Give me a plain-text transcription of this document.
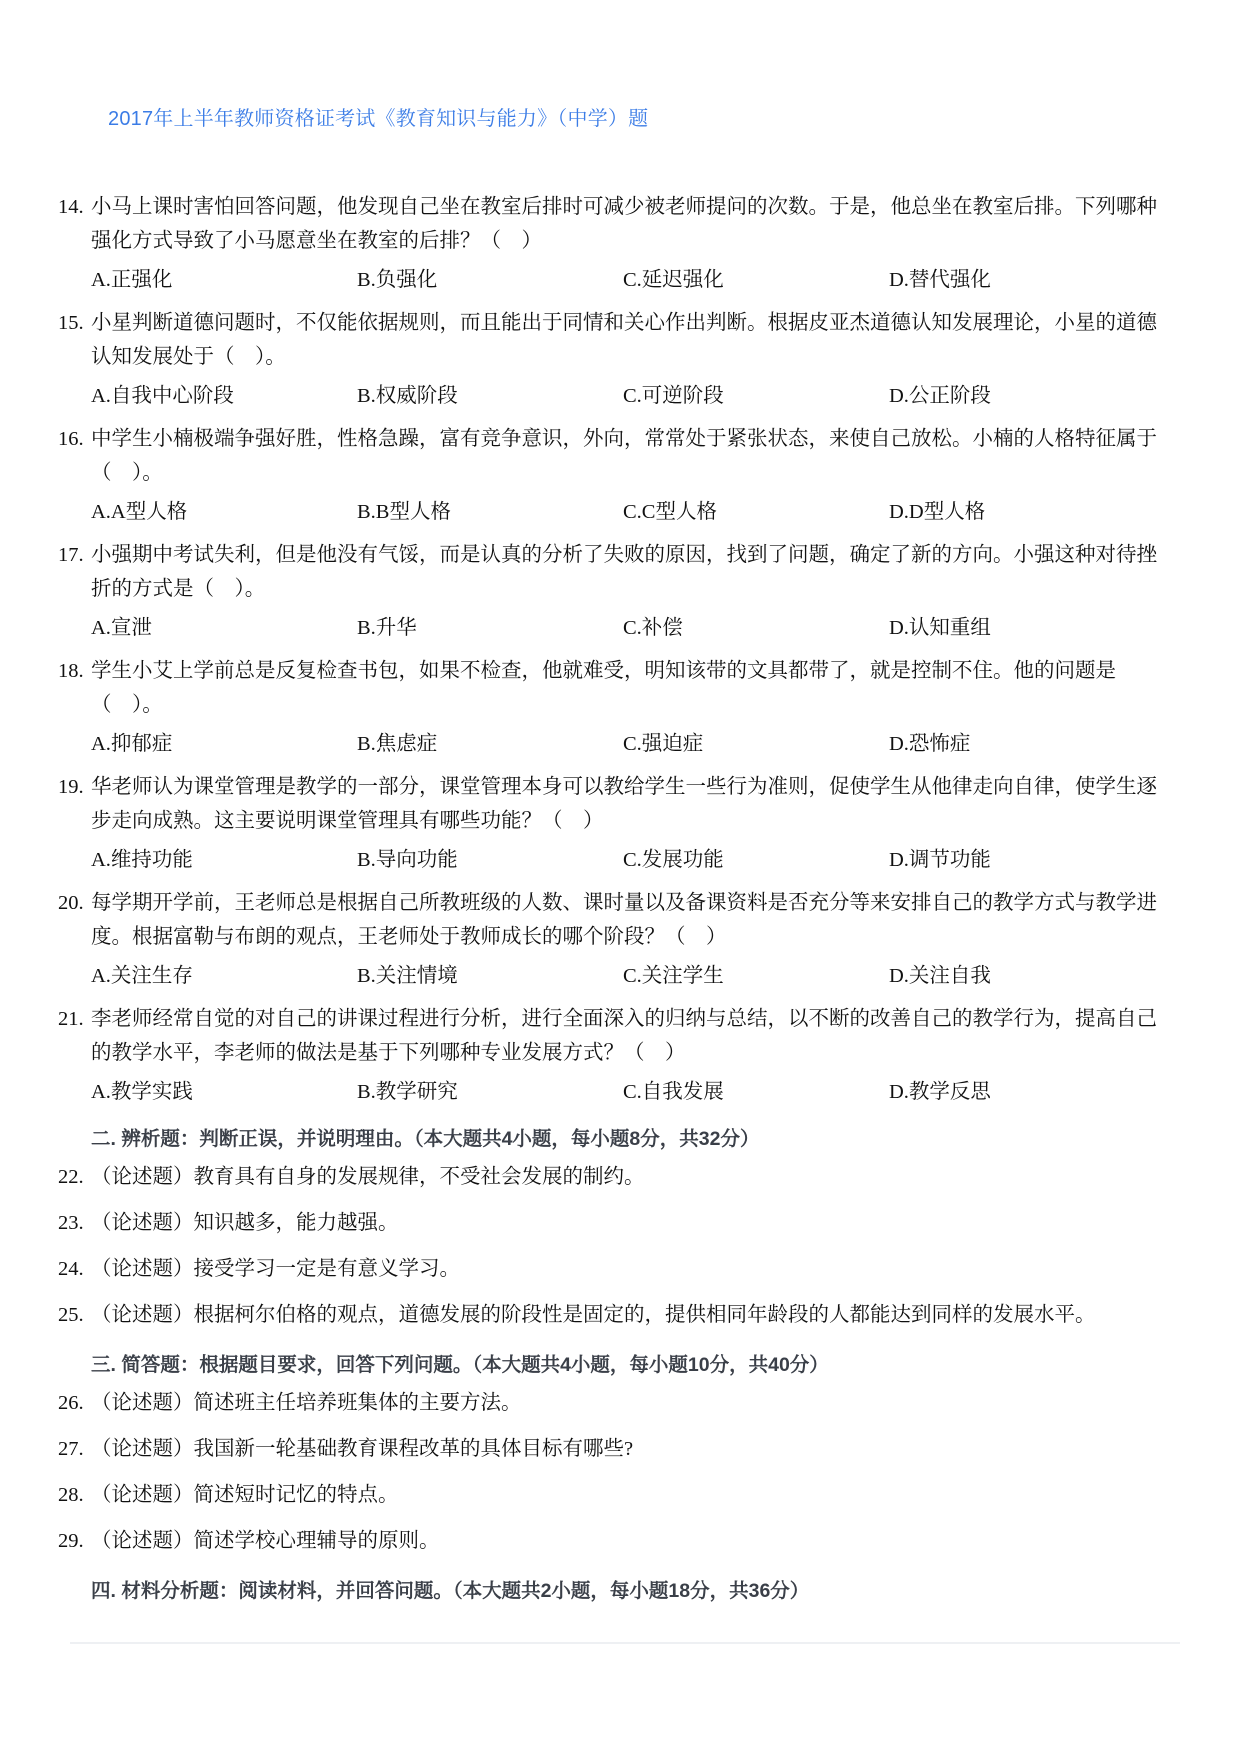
2017年上半年教师资格证考试《教育知识与能力》（中学）题
14. 小马上课时害怕回答问题，他发现自己坐在教室后排时可减少被老师提问的次数。于是，他总坐在教室后排。下列哪种强化方式导致了小马愿意坐在教室的后排？（　）
A.正强化	B.负强化	C.延迟强化	D.替代强化
15. 小星判断道德问题时，不仅能依据规则，而且能出于同情和关心作出判断。根据皮亚杰道德认知发展理论，小星的道德认知发展处于（　）。
A.自我中心阶段	B.权威阶段	C.可逆阶段	D.公正阶段
16. 中学生小楠极端争强好胜，性格急躁，富有竞争意识，外向，常常处于紧张状态，来使自己放松。小楠的人格特征属于（　）。
A.A型人格	B.B型人格	C.C型人格	D.D型人格
17. 小强期中考试失利，但是他没有气馁，而是认真的分析了失败的原因，找到了问题，确定了新的方向。小强这种对待挫折的方式是（　）。
A.宣泄	B.升华	C.补偿	D.认知重组
18. 学生小艾上学前总是反复检查书包，如果不检查，他就难受，明知该带的文具都带了，就是控制不住。他的问题是（　）。
A.抑郁症	B.焦虑症	C.强迫症	D.恐怖症
19. 华老师认为课堂管理是教学的一部分，课堂管理本身可以教给学生一些行为准则，促使学生从他律走向自律，使学生逐步走向成熟。这主要说明课堂管理具有哪些功能？（　）
A.维持功能	B.导向功能	C.发展功能	D.调节功能
20. 每学期开学前，王老师总是根据自己所教班级的人数、课时量以及备课资料是否充分等来安排自己的教学方式与教学进度。根据富勒与布朗的观点，王老师处于教师成长的哪个阶段？（　）
A.关注生存	B.关注情境	C.关注学生	D.关注自我
21. 李老师经常自觉的对自己的讲课过程进行分析，进行全面深入的归纳与总结，以不断的改善自己的教学行为，提高自己的教学水平，李老师的做法是基于下列哪种专业发展方式？（　）
A.教学实践	B.教学研究	C.自我发展	D.教学反思
二. 辨析题：判断正误，并说明理由。（本大题共4小题，每小题8分，共32分）
22. （论述题）教育具有自身的发展规律，不受社会发展的制约。
23. （论述题）知识越多，能力越强。
24. （论述题）接受学习一定是有意义学习。
25. （论述题）根据柯尔伯格的观点，道德发展的阶段性是固定的，提供相同年龄段的人都能达到同样的发展水平。
三. 简答题：根据题目要求，回答下列问题。（本大题共4小题，每小题10分，共40分）
26. （论述题）简述班主任培养班集体的主要方法。
27. （论述题）我国新一轮基础教育课程改革的具体目标有哪些?
28. （论述题）简述短时记忆的特点。
29. （论述题）简述学校心理辅导的原则。
四. 材料分析题：阅读材料，并回答问题。（本大题共2小题，每小题18分，共36分）
